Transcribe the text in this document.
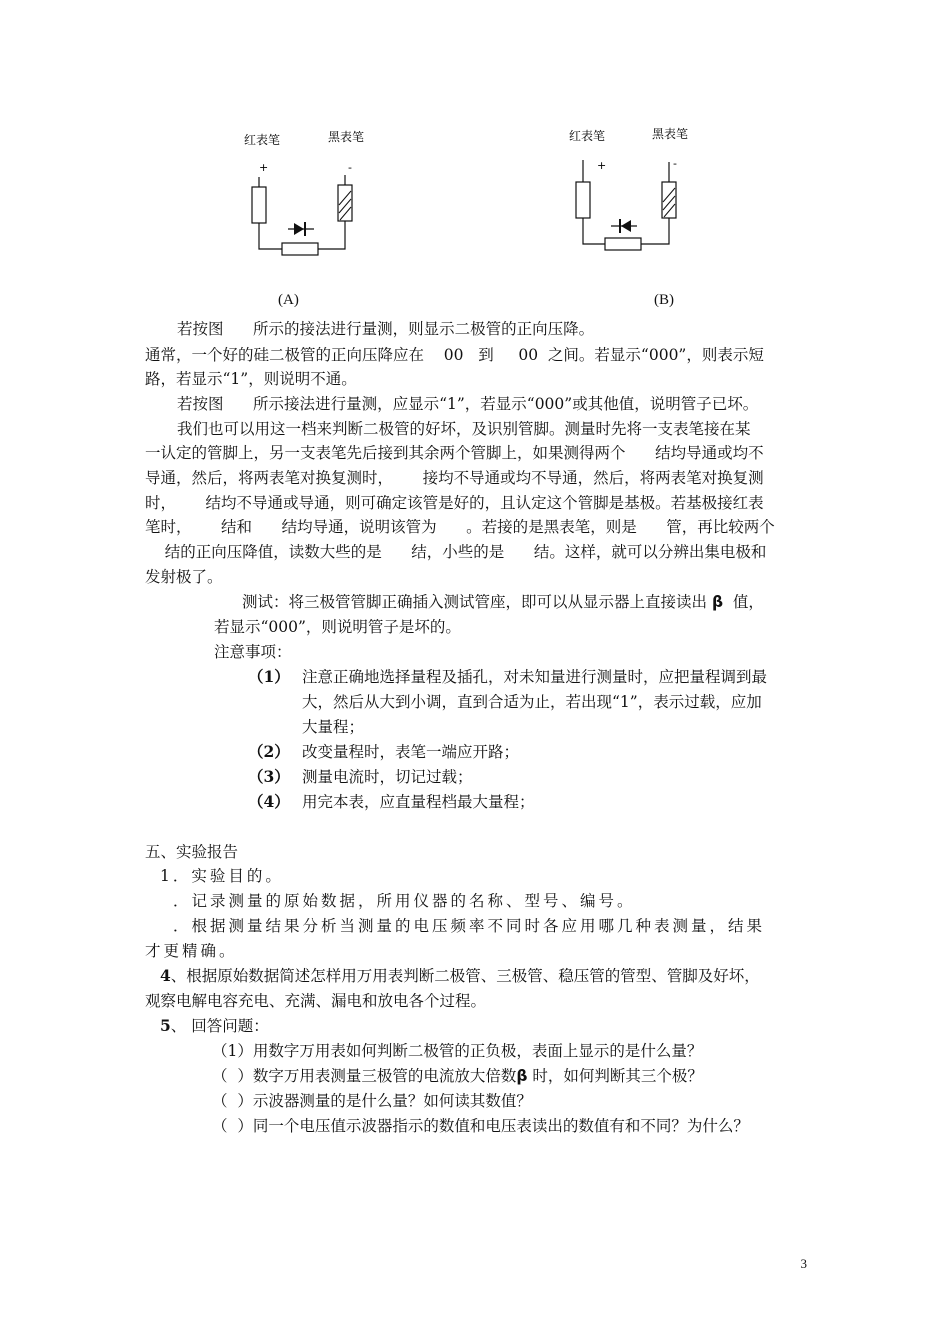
红表笔	黑表笔
+	-
(A)
红表笔	黑表笔
+	-
(B)
若按图      所示的接法进行量测，则显示二极管的正向压降。
通常，一个好的硅二极管的正向压降应在    00   到     00  之间。若显示“000”，则表示短
路，若显示“1”，则说明不通。
若按图      所示接法进行量测，应显示“1”，若显示“000”或其他值，说明管子已坏。
我们也可以用这一档来判断二极管的好坏，及识别管脚。测量时先将一支表笔接在某
一认定的管脚上，另一支表笔先后接到其余两个管脚上，如果测得两个      结均导通或均不
导通，然后，将两表笔对换复测时，      接均不导通或均不导通，然后，将两表笔对换复测
时，      结均不导通或导通，则可确定该管是好的，且认定这个管脚是基极。若基极接红表
笔时，      结和      结均导通，说明该管为      。若接的是黑表笔，则是      管，再比较两个
结的正向压降值，读数大些的是      结，小些的是      结。这样，就可以分辨出集电极和
发射极了。
测试：将三极管管脚正确插入测试管座，即可以从显示器上直接读出 β  值，
若显示“000”，则说明管子是坏的。
注意事项：
（1） 注意正确地选择量程及插孔，对未知量进行测量时，应把量程调到最
大，然后从大到小调，直到合适为止，若出现“1”，表示过载，应加
大量程；
（2） 改变量程时，表笔一端应开路；
（3） 测量电流时，切记过载；
（4） 用完本表，应直量程档最大量程；
五、实验报告
1．实验目的。
．记录测量的原始数据，所用仪器的名称、型号、编号。
．根据测量结果分析当测量的电压频率不同时各应用哪几种表测量，结果
才更精确。
4、根据原始数据简述怎样用万用表判断二极管、三极管、稳压管的管型、管脚及好坏，
观察电解电容充电、充满、漏电和放电各个过程。
5、 回答问题：
（1）用数字万用表如何判断二极管的正负极，表面上显示的是什么量？
（  ）数字万用表测量三极管的电流放大倍数β 时，如何判断其三个极？
（  ）示波器测量的是什么量？如何读其数值？
（  ）同一个电压值示波器指示的数值和电压表读出的数值有和不同？为什么？
3
